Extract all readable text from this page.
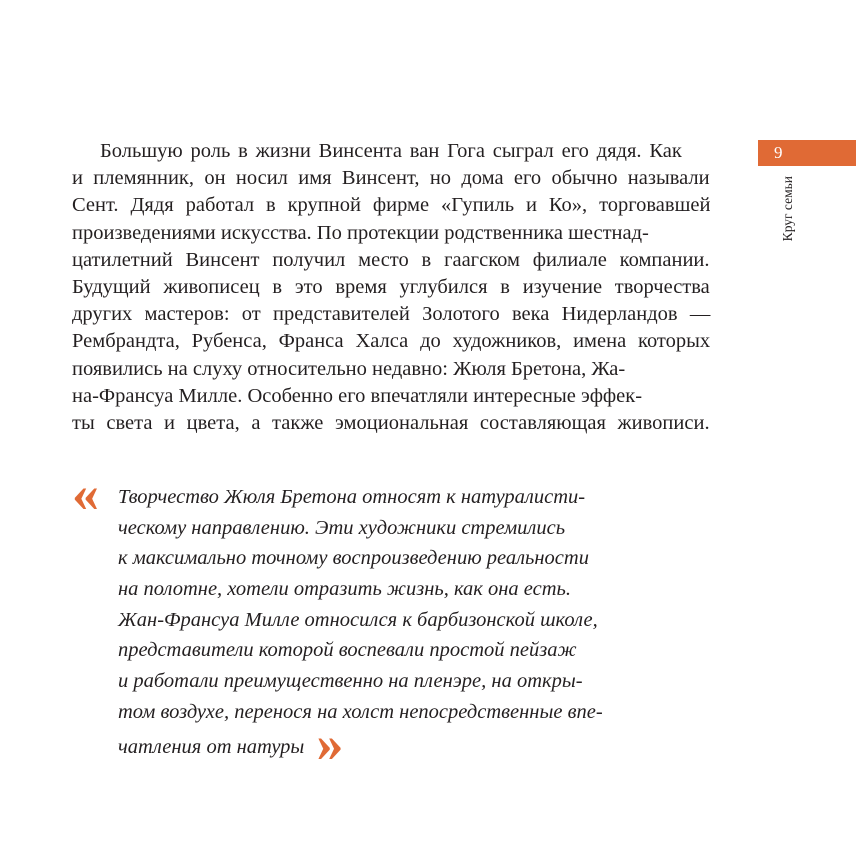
Большую роль в жизни Винсента ван Гога сыграл его дядя. Как
и племянник, он носил имя Винсент, но дома его обычно называли
Сент. Дядя работал в крупной фирме «Гупиль и Ко», торговавшей
произведениями искусства. По протекции родственника шестнад-
цатилетний Винсент получил место в гаагском филиале компании.
Будущий живописец в это время углубился в изучение творчества
других мастеров: от представителей Золотого века Нидерландов —
Рембрандта, Рубенса, Франса Халса до художников, имена которых
появились на слуху относительно недавно: Жюля Бретона, Жа-
на-Франсуа Милле. Особенно его впечатляли интересные эффек-
ты света и цвета, а также эмоциональная составляющая живописи.
« Творчество Жюля Бретона относят к натуралисти-
ческому направлению. Эти художники стремились
к максимально точному воспроизведению реальности
на полотне, хотели отразить жизнь, как она есть.
Жан-Франсуа Милле относился к барбизонской школе,
представители которой воспевали простой пейзаж
и работали преимущественно на пленэре, на откры-
том воздухе, перенося на холст непосредственные впе-
чатления от натуры »
9
Круг семьи
